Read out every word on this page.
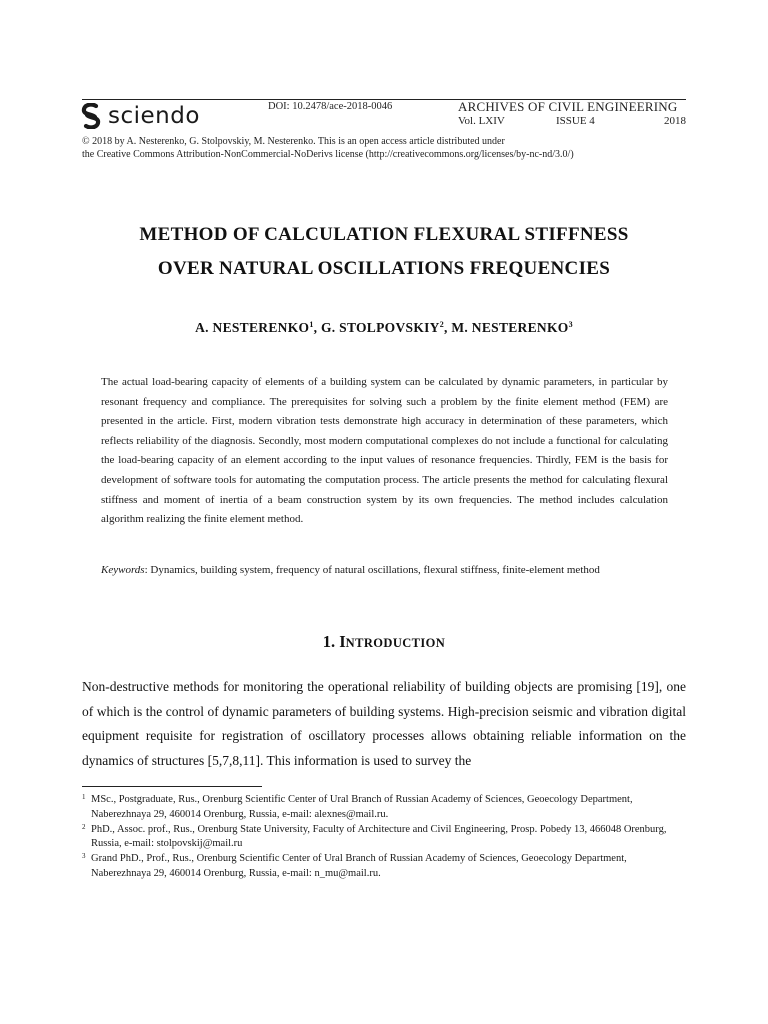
sciendo	DOI: 10.2478/ace-2018-0046	ARCHIVES OF CIVIL ENGINEERING
Vol. LXIV	ISSUE 4	2018
© 2018 by A. Nesterenko, G. Stolpovskiy, M. Nesterenko. This is an open access article distributed under
the Creative Commons Attribution-NonCommercial-NoDerivs license (http://creativecommons.org/licenses/by-nc-nd/3.0/)
METHOD OF CALCULATION FLEXURAL STIFFNESS
OVER NATURAL OSCILLATIONS FREQUENCIES
A. NESTERENKO$^1$, G. STOLPOVSKIY$^2$, M. NESTERENKO$^3$
The actual load-bearing capacity of elements of a building system can be calculated by dynamic parameters, in particular by resonant frequency and compliance. The prerequisites for solving such a problem by the finite element method (FEM) are presented in the article. First, modern vibration tests demonstrate high accuracy in determination of these parameters, which reflects reliability of the diagnosis. Secondly, most modern computational complexes do not include a functional for calculating the load-bearing capacity of an element according to the input values of resonance frequencies. Thirdly, FEM is the basis for development of software tools for automating the computation process. The article presents the method for calculating flexural stiffness and moment of inertia of a beam construction system by its own frequencies. The method includes calculation algorithm realizing the finite element method.
Keywords: Dynamics, building system, frequency of natural oscillations, flexural stiffness, finite-element method
1. INTRODUCTION
Non-destructive methods for monitoring the operational reliability of building objects are promising [19], one of which is the control of dynamic parameters of building systems. High-precision seismic and vibration digital equipment requisite for registration of oscillatory processes allows obtaining reliable information on the dynamics of structures [5,7,8,11]. This information is used to survey the
1 MSc., Postgraduate, Rus., Orenburg Scientific Center of Ural Branch of Russian Academy of Sciences, Geoecology Department, Naberezhnaya 29, 460014 Orenburg, Russia, e-mail: alexnes@mail.ru.
2 PhD., Assoc. prof., Rus., Orenburg State University, Faculty of Architecture and Civil Engineering, Prosp. Pobedy 13, 466048 Orenburg, Russia, e-mail: stolpovskij@mail.ru
3 Grand PhD., Prof., Rus., Orenburg Scientific Center of Ural Branch of Russian Academy of Sciences, Geoecology Department, Naberezhnaya 29, 460014 Orenburg, Russia, e-mail: n_mu@mail.ru.
